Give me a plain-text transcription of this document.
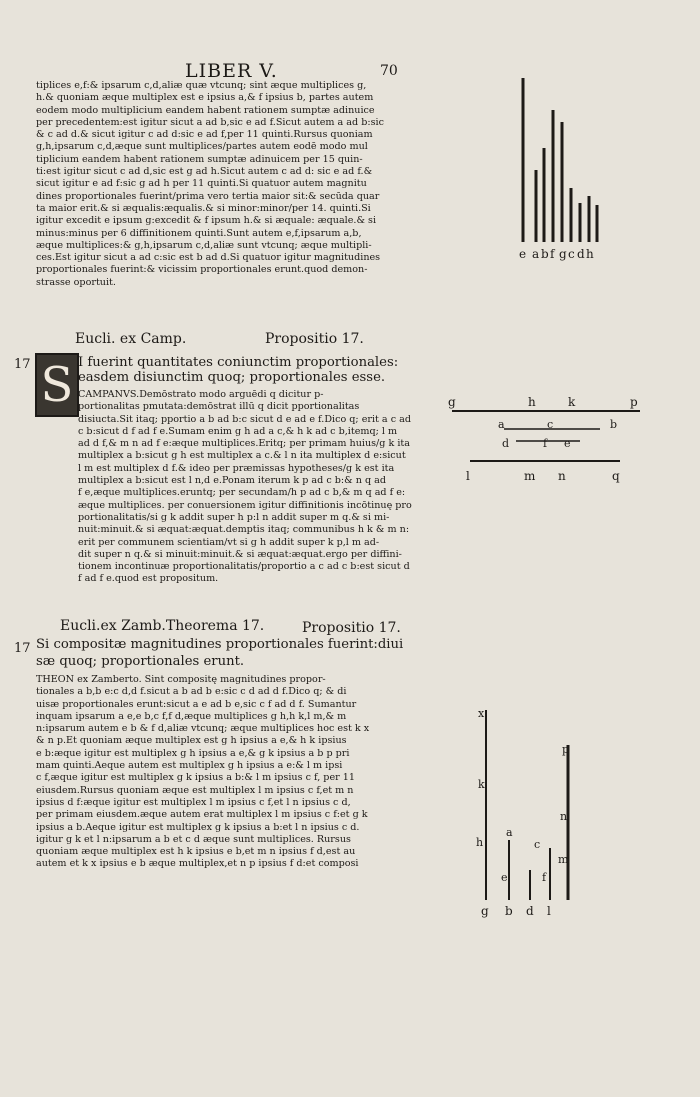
LIBER V.	70
tiplices e,f:& ipsarum c,d,aliæ quæ vtcunq; sint æque multiplices g,
h.& quoniam æque multiplex est e ipsius a,& f ipsius b, partes autem
eodem modo multiplicium eandem habent rationem sumptæ adinuice
per precedentem:est igitur sicut a ad b,sic e ad f.Sicut autem a ad b:sic
& c ad d.& sicut igitur c ad d:sic e ad f,per 11 quinti.Rursus quoniam
g,h,ipsarum c,d,æque sunt multiplices/partes autem eodē modo mul
tiplicium eandem habent rationem sumptæ adinuicem per 15 quin-
ti:est igitur sicut c ad d,sic est g ad h.Sicut autem c ad d: sic e ad f.&
sicut igitur e ad f:sic g ad h per 11 quinti.Si quatuor autem magnitu
dines proportionales fuerint/prima vero tertia maior sit:& secūda quar
ta maior erit.& si æqualis:æqualis.& si minor:minor/per 14. quinti.Si
igitur excedit e ipsum g:excedit & f ipsum h.& si æquale: æquale.& si
minus:minus per 6 diffinitionem quinti.Sunt autem e,f,ipsarum a,b,
æque multiplices:& g,h,ipsarum c,d,aliæ sunt vtcunq; æque multipli-
ces.Est igitur sicut a ad c:sic est b ad d.Si quatuor igitur magnitudines
proportionales fuerint:& vicissim proportionales erunt.quod demon-
strasse oportuit.
Eucli. ex Camp.	Propositio 17.
17 S I fuerint quantitates coniunctim proportionales:
easdem disiunctim quoq; proportionales esse.
CAMPANVS.Demōstrato modo arguēdi q dicitur p-
portionalitas pmutata:demōstrat illū q dicit pportionalitas
disiucta.Sit itaq; pportio a b ad b:c sicut d e ad e f.Dico q; erit a c ad
c b:sicut d f ad f e.Sumam enim g h ad a c,& h k ad c b,itemq; l m
ad d f,& m n ad f e:æque multiplices.Eritq; per primam huius/g k ita
multiplex a b:sicut g h est multiplex a c.& l n ita multiplex d e:sicut
l m est multiplex d f.& ideo per præmissas hypotheses/g k est ita
multiplex a b:sicut est l n,d e.Ponam iterum k p ad c b:& n q ad
f e,æque multiplices.eruntq; per secundam/h p ad c b,& m q ad f e:
æque multiplices. per conuersionem igitur diffinitionis incōtinuę pro
portionalitatis/si g k addit super h p:l n addit super m q.& si mi-
nuit:minuit.& si æquat:æquat.demptis itaq; communibus h k & m n:
erit per communem scientiam/vt si g h addit super k p,l m ad-
dit super n q.& si minuit:minuit.& si æquat:æquat.ergo per diffini-
tionem incontinuæ proportionalitatis/proportio a c ad c b:est sicut d
f ad f e.quod est propositum.
Eucli.ex Zamb.Theorema 17.	Propositio 17.
17 Si compositæ magnitudines proportionales fuerint:diui
sæ quoq; proportionales erunt.
THEON ex Zamberto. Sint compositę magnitudines propor-
tionales a b,b e:c d,d f.sicut a b ad b e:sic c d ad d f.Dico q; & di
uisæ proportionales erunt:sicut a e ad b e,sic c f ad d f. Sumantur
inquam ipsarum a e,e b,c f,f d,æque multiplices g h,h k,l m,& m
n:ipsarum autem e b & f d,aliæ vtcunq; æque multiplices hoc est k x
& n p.Et quoniam æque multiplex est g h ipsius a e,& h k ipsius
e b:æque igitur est multiplex g h ipsius a e,& g k ipsius a b p pri
mam quinti.Aeque autem est multiplex g h ipsius a e:& l m ipsi
c f,æque igitur est multiplex g k ipsius a b:& l m ipsius c f, per 11
eiusdem.Rursus quoniam æque est multiplex l m ipsius c f,et m n
ipsius d f:æque igitur est multiplex l m ipsius c f,et l n ipsius c d,
per primam eiusdem.æque autem erat multiplex l m ipsius c f:et g k
ipsius a b.Aeque igitur est multiplex g k ipsius a b:et l n ipsius c d.
igitur g k et l n:ipsarum a b et c d æque sunt multiplices. Rursus
quoniam æque multiplex est h k ipsius e b,et m n ipsius f d,est au
autem et k x ipsius e b æque multiplex,et n p ipsius f d:et composi
e a b f g c d h
g	h	k	p
a	c	b
d	f e
l	m n	q
g b d l
x
k
h
a
c
e	f
p
n
m
